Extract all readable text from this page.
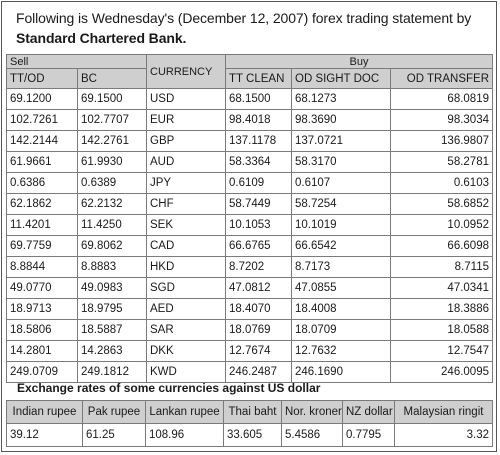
Following is Wednesday's (December 12, 2007) forex trading statement by Standard Chartered Bank.
Sell		CURRENCY	Buy		
TT/OD	BC		TT CLEAN	OD SIGHT DOC	OD TRANSFER
69.1200	69.1500	USD	68.1500	68.1273	68.0819
102.7261	102.7707	EUR	98.4018	98.3690	98.3034
142.2144	142.2761	GBP	137.1178	137.0721	136.9807
61.9661	61.9930	AUD	58.3364	58.3170	58.2781
0.6386	0.6389	JPY	0.6109	0.6107	0.6103
62.1862	62.2132	CHF	58.7449	58.7254	58.6852
11.4201	11.4250	SEK	10.1053	10.1019	10.0952
69.7759	69.8062	CAD	66.6765	66.6542	66.6098
8.8844	8.8883	HKD	8.7202	8.7173	8.7115
49.0770	49.0983	SGD	47.0812	47.0855	47.0341
18.9713	18.9795	AED	18.4070	18.4008	18.3886
18.5806	18.5887	SAR	18.0769	18.0709	18.0588
14.2801	14.2863	DKK	12.7674	12.7632	12.7547
249.0709	249.1812	KWD	246.2487	246.1690	246.0095
Exchange rates of some currencies against US dollar
Indian rupee	Pak rupee	Lankan rupee	Thai baht	Nor. kroner	NZ dollar	Malaysian ringit
39.12	61.25	108.96	33.605	5.4586	0.7795	3.32
